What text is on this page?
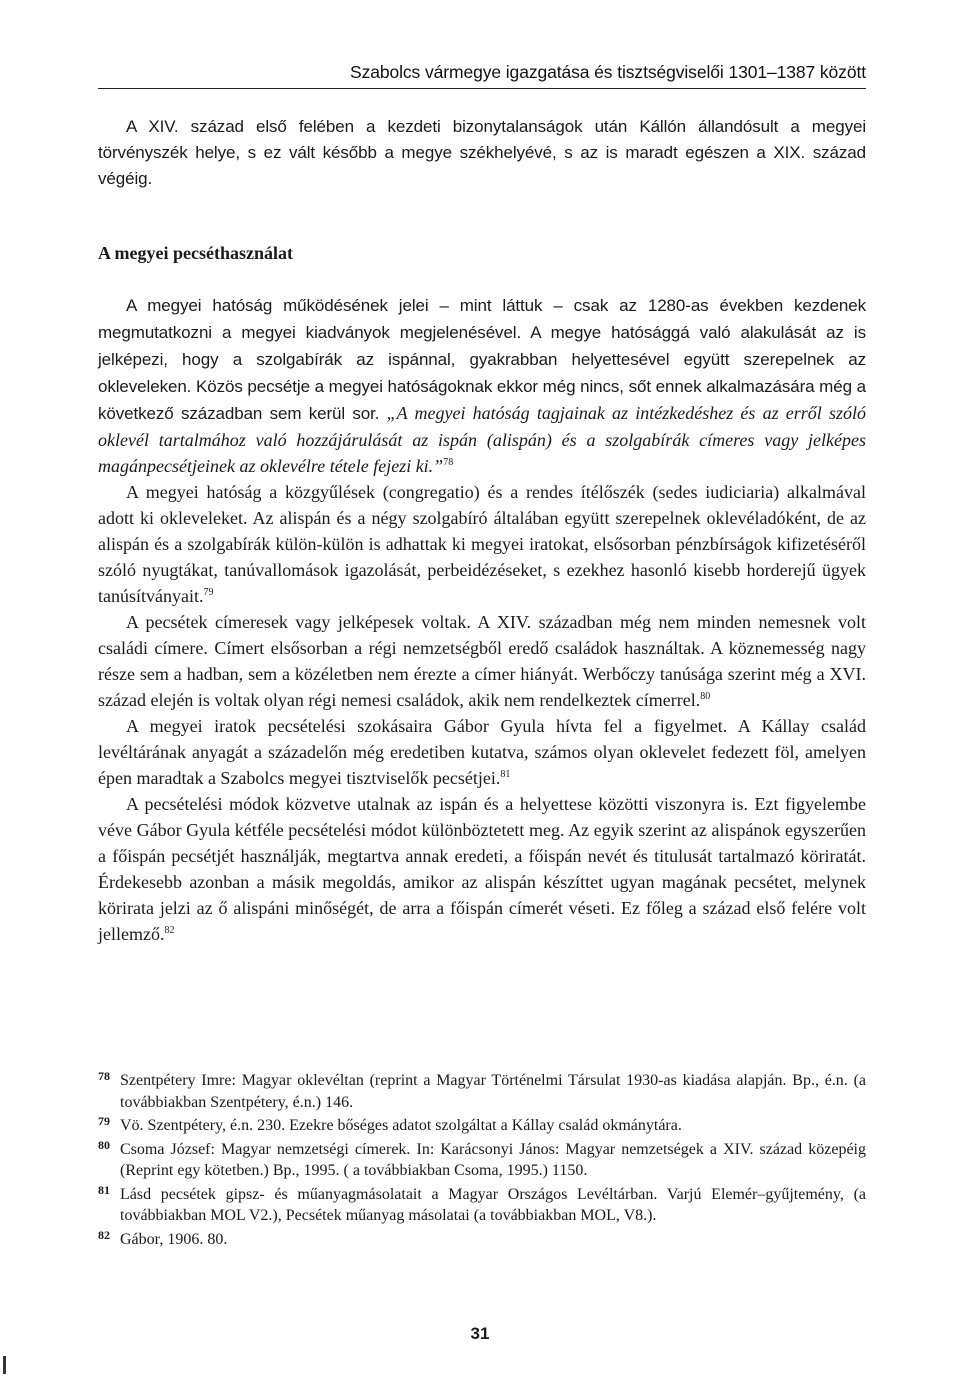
Szabolcs vármegye igazgatása és tisztségviselői 1301–1387 között

A XIV. század első felében a kezdeti bizonytalanságok után Kállón állandósult a megyei törvényszék helye, s ez vált később a megye székhelyévé, s az is maradt egészen a XIX. század végéig.

A megyei pecséthasználat

A megyei hatóság működésének jelei – mint láttuk – csak az 1280-as években kezdenek megmutatkozni a megyei kiadványok megjelenésével. A megye hatósággá való alakulását az is jelképezi, hogy a szolgabírák az ispánnal, gyakrabban helyettesével együtt szerepelnek az okleveleken. Közös pecsétje a megyei hatóságoknak ekkor még nincs, sőt ennek alkalmazására még a következő században sem kerül sor. „A megyei hatóság tagjainak az intézkedéshez és az erről szóló oklevél tartalmához való hozzájárulását az ispán (alispán) és a szolgabírák címeres vagy jelképes magánpecsétjeinek az oklevélre tétele fejezi ki.”$^{78}$

A megyei hatóság a közgyűlések (congregatio) és a rendes ítélőszék (sedes iudiciaria) alkalmával adott ki okleveleket. Az alispán és a négy szolgabíró általában együtt szerepelnek oklevéladóként, de az alispán és a szolgabírák külön-külön is adhattak ki megyei iratokat, elsősorban pénzbírságok kifizetéséről szóló nyugtákat, tanúvallomások igazolását, perbeidézéseket, s ezekhez hasonló kisebb horderejű ügyek tanúsítványait.$^{79}$

A pecsétek címeresek vagy jelképesek voltak. A XIV. században még nem minden nemesnek volt családi címere. Címert elsősorban a régi nemzetségből eredő családok használtak. A köznemesség nagy része sem a hadban, sem a közéletben nem érezte a címer hiányát. Werbőczy tanúsága szerint még a XVI. század elején is voltak olyan régi nemesi családok, akik nem rendelkeztek címerrel.$^{80}$

A megyei iratok pecsételési szokásaira Gábor Gyula hívta fel a figyelmet. A Kállay család levéltárának anyagát a századelőn még eredetiben kutatva, számos olyan oklevelet fedezett föl, amelyen épen maradtak a Szabolcs megyei tisztviselők pecsétjei.$^{81}$

A pecsételési módok közvetve utalnak az ispán és a helyettese közötti viszonyra is. Ezt figyelembe véve Gábor Gyula kétféle pecsételési módot különböztetett meg. Az egyik szerint az alispánok egyszerűen a főispán pecsétjét használják, megtartva annak eredeti, a főispán nevét és titulusát tartalmazó köriratát. Érdekesebb azonban a másik megoldás, amikor az alispán készíttet ugyan magának pecsétet, melynek körirata jelzi az ő alispáni minőségét, de arra a főispán címerét véseti. Ez főleg a század első felére volt jellemző.$^{82}$

78 Szentpétery Imre: Magyar oklevéltan (reprint a Magyar Történelmi Társulat 1930-as kiadása alapján. Bp., é.n. (a továbbiakban Szentpétery, é.n.) 146.
79 Vö. Szentpétery, é.n. 230. Ezekre bőséges adatot szolgáltat a Kállay család okmánytára.
80 Csoma József: Magyar nemzetségi címerek. In: Karácsonyi János: Magyar nemzetségek a XIV. század közepéig (Reprint egy kötetben.) Bp., 1995. ( a továbbiakban Csoma, 1995.) 1150.
81 Lásd pecsétek gipsz- és műanyagmásolatait a Magyar Országos Levéltárban. Varjú Elemér–gyűjtemény, (a továbbiakban MOL V2.), Pecsétek műanyag másolatai (a továbbiakban MOL, V8.).
82 Gábor, 1906. 80.
31
